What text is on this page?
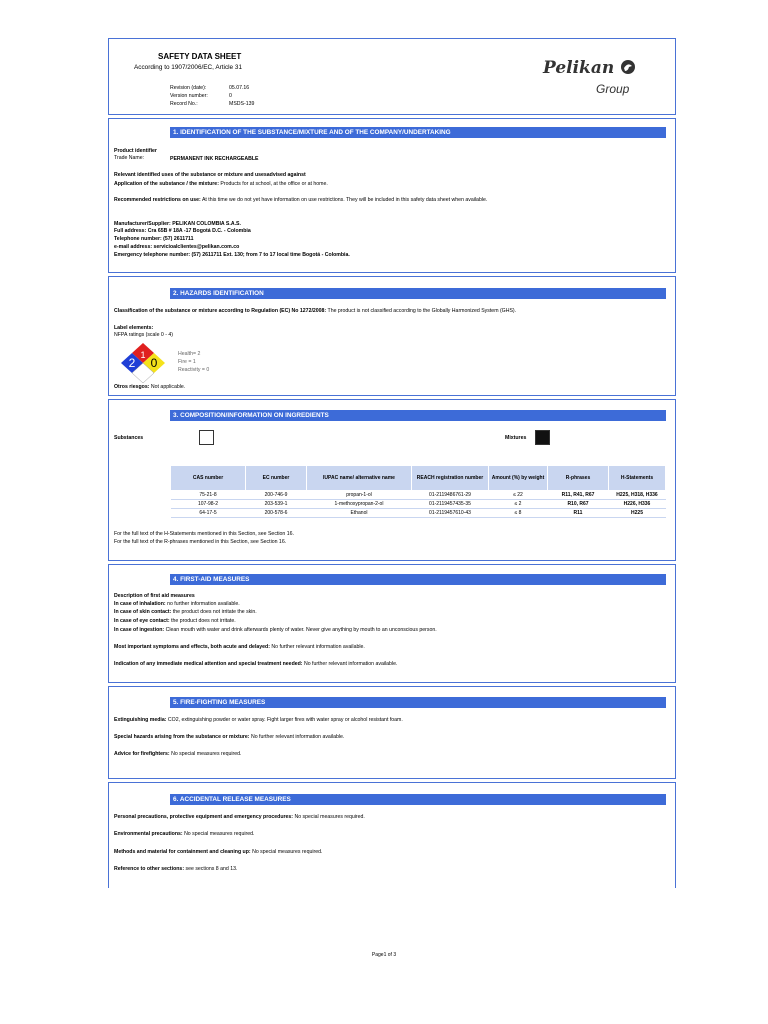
SAFETY DATA SHEET
According to 1907/2006/EC, Article 31	Pelikan
Group
Revision (date):	05.07.16
Version number:	0
Record No.:	MSDS-139
1. IDENTIFICATION OF THE SUBSTANCE/MIXTURE AND OF THE COMPANY/UNDERTAKING
Product identifier
Trade Name:	PERMANENT INK RECHARGEABLE
Relevant identified uses of the substance or mixture and usesadvised against
Application of the substance / the mixture: Products for at school, at the office or at home.
Recommended restrictions on use: At this time we do not yet have information on use restrictions. They will be included in this safety data sheet when available.
Manufacturer/Supplier: PELIKAN COLOMBIA S.A.S.
Full address: Cra 65B # 18A -17 Bogotá D.C. - Colombia
Telephone number: (57) 2611711
e-mail address: servicioalclientes@pelikan.com.co
Emergency telephone number: (57) 2611711 Ext. 130; from 7 to 17 local time Bogotá - Colombia.
2. HAZARDS IDENTIFICATION
Classification of the substance or mixture according to Regulation (EC) No 1272/2008: The product is not classified according to the Globally Harmonized System (GHS).
Label elements:
NFPA ratings (scale 0 - 4)
1
2 0
Health= 2
Fire = 1
Reactivity = 0
Otros riesgos: Not applicable.
3. COMPOSITION/INFORMATION ON INGREDIENTS
Substances	Mixtures
CAS number	EC number	IUPAC name/ alternative name	REACH registration number	Amount (%) by weight	R-phrases	H-Statements
75-21-8	200-746-9	propan-1-ol	01-2119486761-29	≤ 22	R11, R41, R67	H225, H318, H336
107-98-2	203-539-1	1-methoxypropan-2-ol	01-2119457435-35	≤ 2	R10, R67	H226, H336
64-17-5	200-578-6	Ethanol	01-2119457610-43	≤ 8	R11	H225
For the full text of the H-Statements mentioned in this Section, see Section 16.
For the full text of the R-phrases mentioned in this Section, see Section 16.
4. FIRST-AID MEASURES
Description of first aid measures
In case of inhalation: no further information available.
In case of skin contact: the product does not irritate the skin.
In case of eye contact: the product does not irritate.
In case of ingestion: Clean mouth with water and drink afterwards plenty of water. Never give anything by mouth to an unconscious person.
Most important symptoms and effects, both acute and delayed: No further relevant information available.
Indication of any immediate medical attention and special treatment needed: No further relevant information available.
5. FIRE-FIGHTING MEASURES
Extinguishing media: CO2, extinguishing powder or water spray. Fight larger fires with water spray or alcohol resistant foam.
Special hazards arising from the substance or mixture: No further relevant information available.
Advice for firefighters: No special measures required.
6. ACCIDENTAL RELEASE MEASURES
Personal precautions, protective equipment and emergency procedures: No special measures required.
Environmental precautions: No special measures required.
Methods and material for containment and cleaning up: No special measures required.
Reference to other sections: see sections 8 and 13.
Page1 of 3
